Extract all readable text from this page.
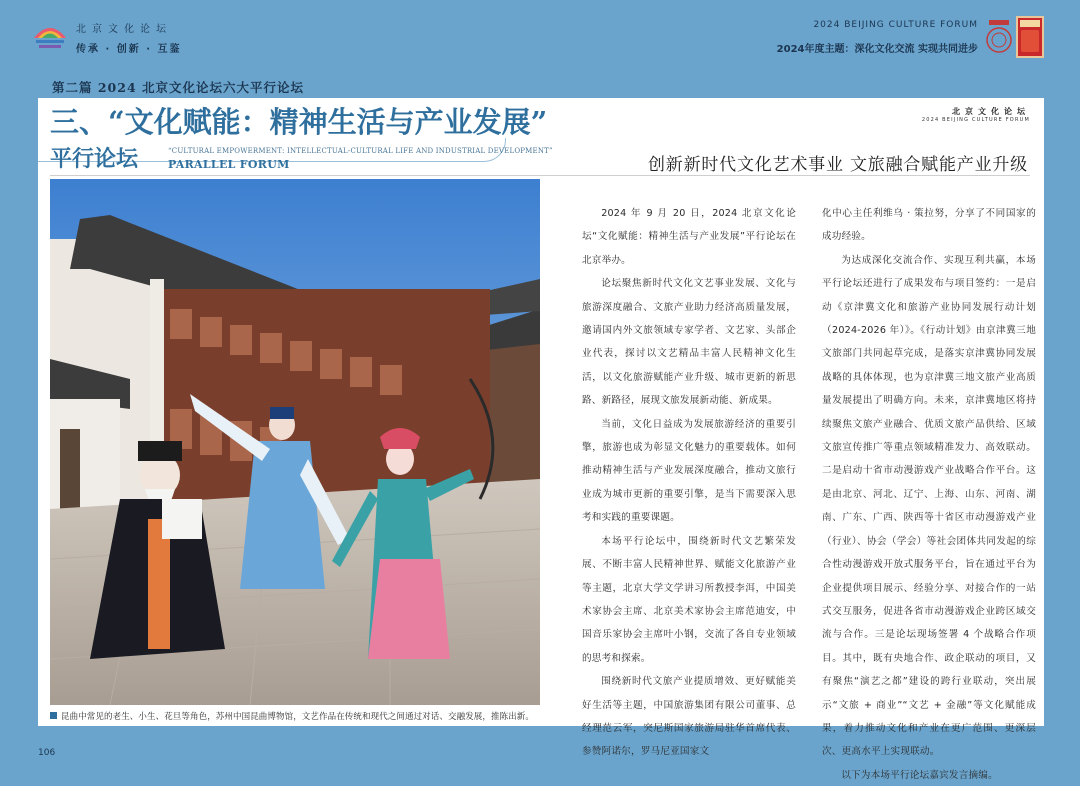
北京文化论坛
传承 · 创新 · 互鉴
2024 BEIJING CULTURE FORUM
2024年度主题：深化文化交流 实现共同进步
第二篇 2024 北京文化论坛六大平行论坛
三、“文化赋能：精神生活与产业发展”
平行论坛	“CULTURAL EMPOWERMENT: INTELLECTUAL-CULTURAL LIFE AND INDUSTRIAL DEVELOPMENT”
PARALLEL FORUM
北京文化论坛
2024 BEIJING CULTURE FORUM
创新新时代文化艺术事业 文旅融合赋能产业升级
昆曲中常见的老生、小生、花旦等角色，苏州中国昆曲博物馆，文艺作品在传统和现代之间通过对话、交融发展，推陈出新。

2024 年 9 月 20 日，2024 北京文化论坛“文化赋能：精神生活与产业发展”平行论坛在北京举办。

论坛聚焦新时代文化文艺事业发展、文化与旅游深度融合、文旅产业助力经济高质量发展，邀请国内外文旅领域专家学者、文艺家、头部企业代表，探讨以文艺精品丰富人民精神文化生活，以文化旅游赋能产业升级、城市更新的新思路、新路径，展现文旅发展新动能、新成果。

当前，文化日益成为发展旅游经济的重要引擎，旅游也成为彰显文化魅力的重要载体。如何推动精神生活与产业发展深度融合，推动文旅行业成为城市更新的重要引擎，是当下需要深入思考和实践的重要课题。

本场平行论坛中，围绕新时代文艺繁荣发展、不断丰富人民精神世界、赋能文化旅游产业等主题，北京大学文学讲习所教授李洱，中国美术家协会主席、北京美术家协会主席范迪安，中国音乐家协会主席叶小钢，交流了各自专业领域的思考和探索。

围绕新时代文旅产业提质增效、更好赋能美好生活等主题，中国旅游集团有限公司董事、总经理范云军，突尼斯国家旅游局驻华首席代表、参赞阿诺尔，罗马尼亚国家文

化中心主任利维乌 · 策拉努，分享了不同国家的成功经验。

为达成深化交流合作、实现互利共赢，本场平行论坛还进行了成果发布与项目签约：一是启动《京津冀文化和旅游产业协同发展行动计划（2024-2026 年）》。《行动计划》由京津冀三地文旅部门共同起草完成，是落实京津冀协同发展战略的具体体现，也为京津冀三地文旅产业高质量发展提出了明确方向。未来，京津冀地区将持续聚焦文旅产业融合、优质文旅产品供给、区域文旅宣传推广等重点领域精准发力、高效联动。二是启动十省市动漫游戏产业战略合作平台。这是由北京、河北、辽宁、上海、山东、河南、湖南、广东、广西、陕西等十省区市动漫游戏产业（行业）、协会（学会）等社会团体共同发起的综合性动漫游戏开放式服务平台，旨在通过平台为企业提供项目展示、经验分享、对接合作的一站式交互服务，促进各省市动漫游戏企业跨区域交流与合作。三是论坛现场签署 4 个战略合作项目。其中，既有央地合作、政企联动的项目，又有聚焦“演艺之都”建设的跨行业联动，突出展示“文旅 + 商业”“文艺 + 金融”等文化赋能成果，着力推动文化和产业在更广范围、更深层次、更高水平上实现联动。

以下为本场平行论坛嘉宾发言摘编。

106
